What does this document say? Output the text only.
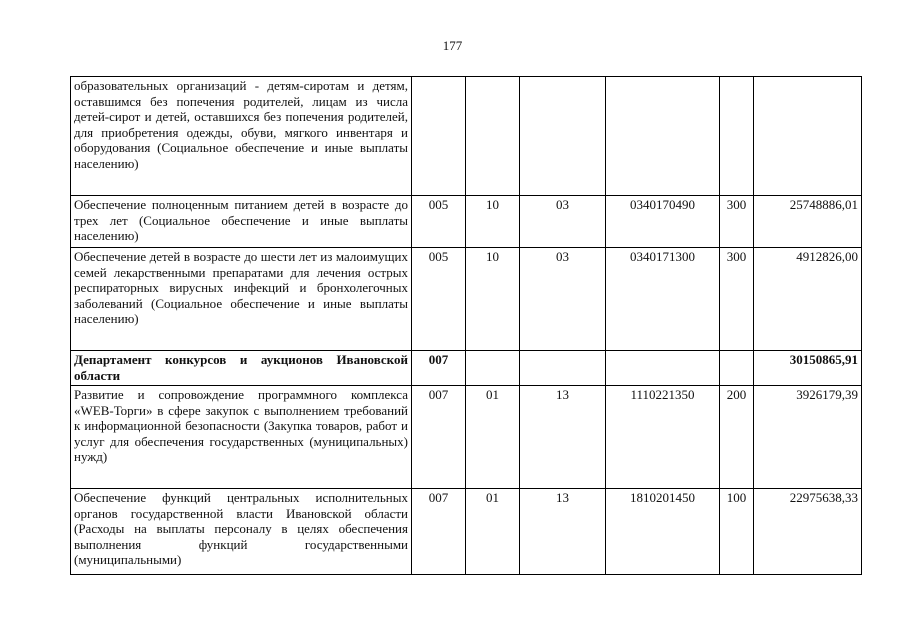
177
образовательных организаций - детям-сиротам и детям, оставшимся без попечения родителей, лицам из числа детей-сирот и детей, оставшихся без попечения родителей, для приобретения одежды, обуви, мягкого инвентаря и оборудования (Социальное обеспечение и иные выплаты населению)						
Обеспечение полноценным питанием детей в возрасте до трех лет (Социальное обеспечение и иные выплаты населению)	005	10	03	0340170490	300	25748886,01
Обеспечение детей в возрасте до шести лет из малоимущих семей лекарственными препаратами для лечения острых респираторных вирусных инфекций и бронхолегочных заболеваний (Социальное обеспечение и иные выплаты населению)	005	10	03	0340171300	300	4912826,00
Департамент конкурсов и аукционов Ивановской области	007					30150865,91
Развитие и сопровождение программного комплекса «WEB-Торги» в сфере закупок с выполнением требований к информационной безопасности (Закупка товаров, работ и услуг для обеспечения государственных (муниципальных) нужд)	007	01	13	1110221350	200	3926179,39
Обеспечение функций центральных исполнительных органов государственной власти Ивановской области (Расходы на выплаты персоналу в целях обеспечения выполнения функций государственными (муниципальными)	007	01	13	1810201450	100	22975638,33
